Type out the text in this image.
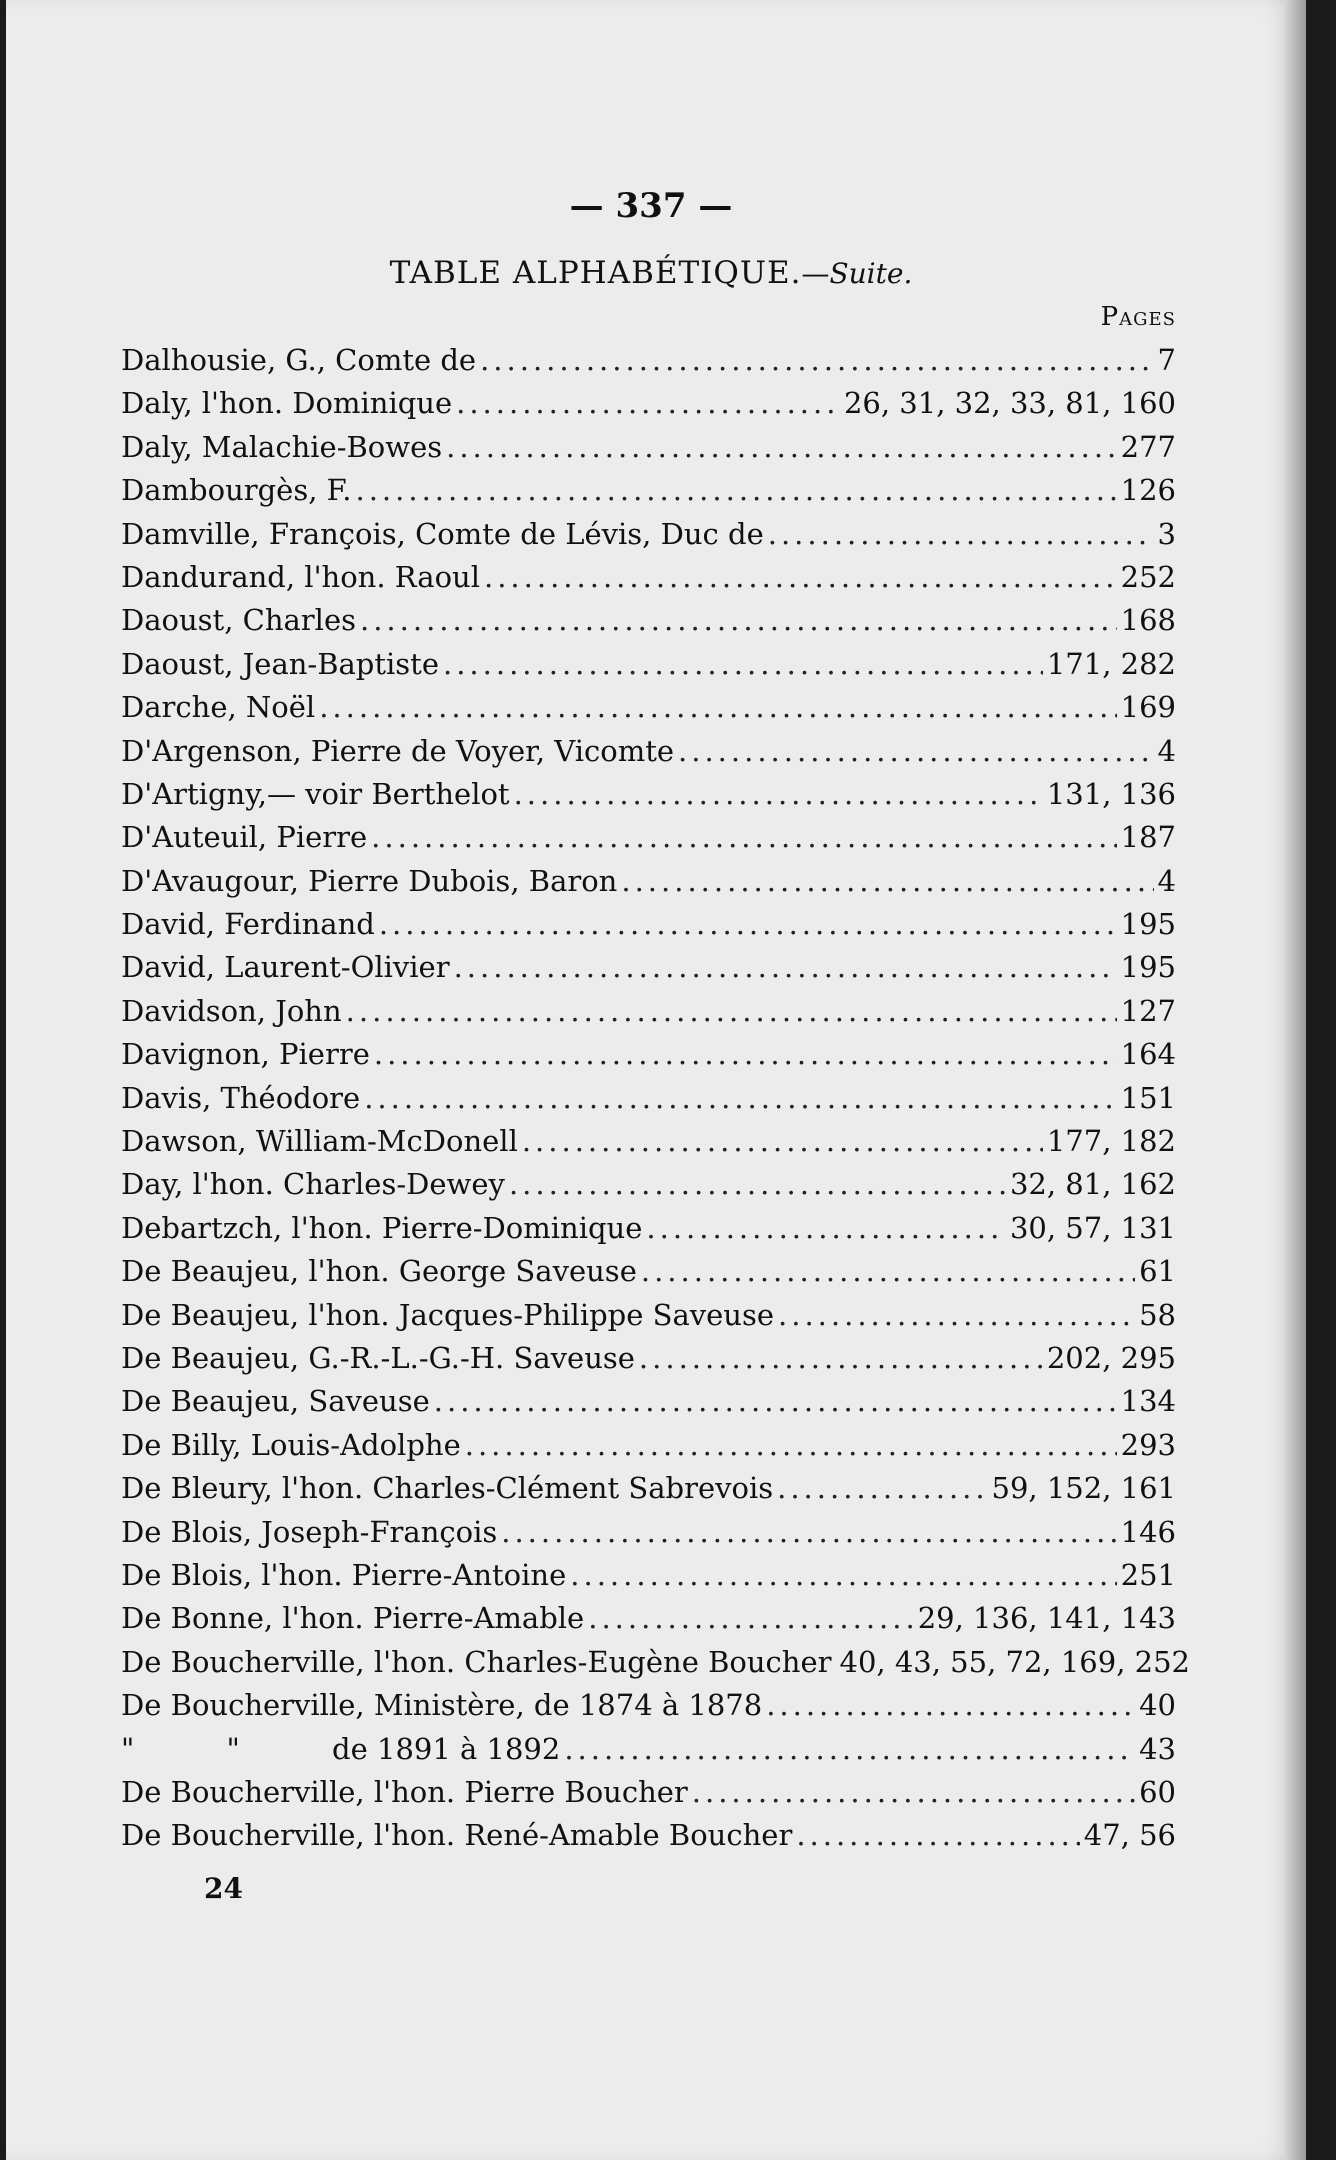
— 337 —
TABLE ALPHABÉTIQUE.—Suite.
Pages
Dalhousie, G., Comte de .....	7
Daly, l'hon. Dominique .....	26, 31, 32, 33, 81, 160
Daly, Malachie-Bowes .....	277
Dambourgès, F. .....	126
Damville, François, Comte de Lévis, Duc de .....	3
Dandurand, l'hon. Raoul .....	252
Daoust, Charles .....	168
Daoust, Jean-Baptiste .....	171, 282
Darche, Noël .....	169
D'Argenson, Pierre de Voyer, Vicomte .....	4
D'Artigny,— voir Berthelot .....	131, 136
D'Auteuil, Pierre .....	187
D'Avaugour, Pierre Dubois, Baron .....	4
David, Ferdinand .....	195
David, Laurent-Olivier .....	195
Davidson, John .....	127
Davignon, Pierre .....	164
Davis, Théodore .....	151
Dawson, William-McDonell .....	177, 182
Day, l'hon. Charles-Dewey .....	32, 81, 162
Debartzch, l'hon. Pierre-Dominique .....	30, 57, 131
De Beaujeu, l'hon. George Saveuse .....	61
De Beaujeu, l'hon. Jacques-Philippe Saveuse .....	58
De Beaujeu, G.-R.-L.-G.-H. Saveuse .....	202, 295
De Beaujeu, Saveuse .....	134
De Billy, Louis-Adolphe .....	293
De Bleury, l'hon. Charles-Clément Sabrevois .....	59, 152, 161
De Blois, Joseph-François .....	146
De Blois, l'hon. Pierre-Antoine .....	251
De Bonne, l'hon. Pierre-Amable .....	29, 136, 141, 143
De Boucherville, l'hon. Charles-Eugène Boucher 40, 43, 55, 72, 169, 252
De Boucherville, Ministère, de 1874 à 1878 .....	40
"          "          de 1891 à 1892 .....	43
De Boucherville, l'hon. Pierre Boucher .....	60
De Boucherville, l'hon. René-Amable Boucher .....	47, 56
24
